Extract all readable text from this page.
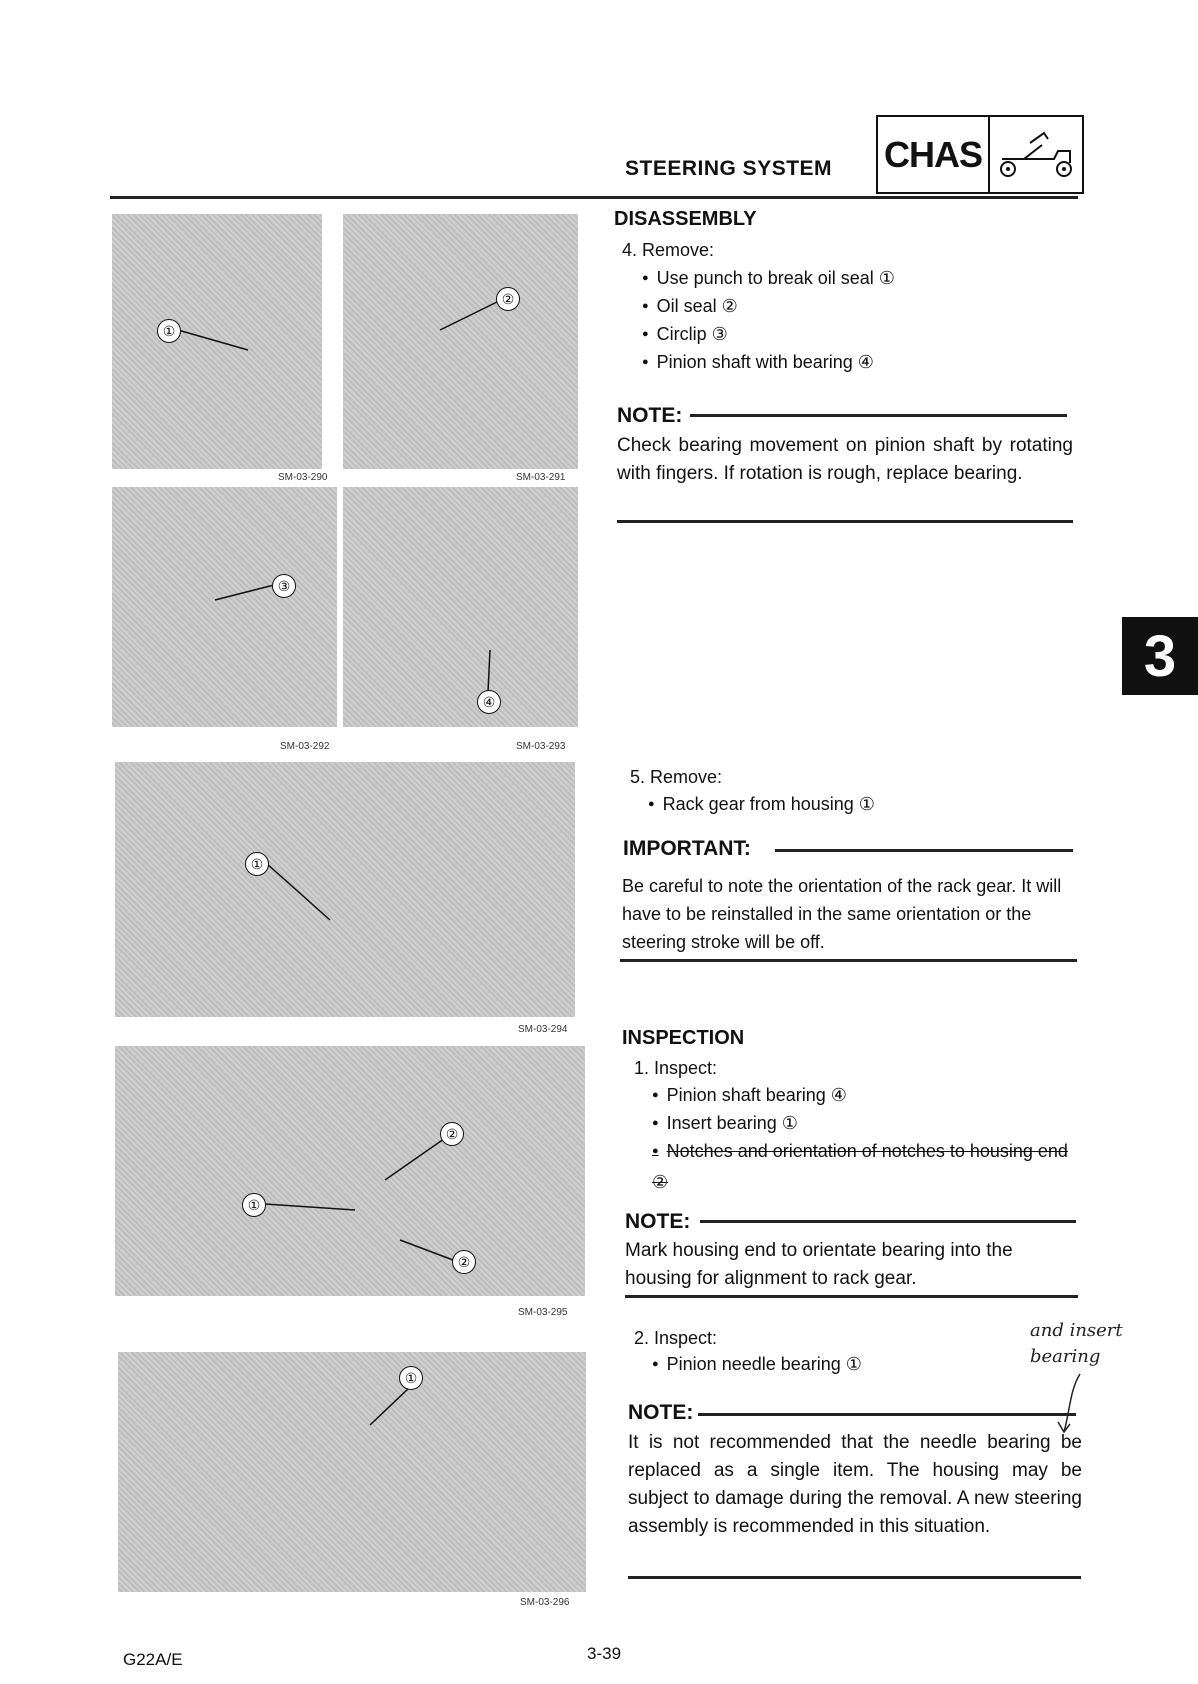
STEERING SYSTEM CHAS
①
②
③
④
①
②
①
②
①
SM-03-290	SM-03-291
SM-03-292	SM-03-293
SM-03-294
SM-03-295
SM-03-296
DISASSEMBLY
4. Remove:
● Use punch to break oil seal ①
● Oil seal ②
● Circlip ③
● Pinion shaft with bearing ④
NOTE:
Check bearing movement on pinion shaft by rotating with fingers. If rotation is rough, replace bearing.
5. Remove:
● Rack gear from housing ①
IMPORTANT:
Be careful to note the orientation of the rack gear. It will have to be reinstalled in the same orientation or the steering stroke will be off.
INSPECTION
1. Inspect:
● Pinion shaft bearing ④
● Insert bearing ①
● Notches and orientation of notches to housing end ②
NOTE:
Mark housing end to orientate bearing into the housing for alignment to rack gear.
2. Inspect:
● Pinion needle bearing ①
and insert bearing
NOTE:
It is not recommended that the needle bearing be replaced as a single item. The housing may be subject to damage during the removal. A new steering assembly is recommended in this situation.
3
G22A/E	3-39
